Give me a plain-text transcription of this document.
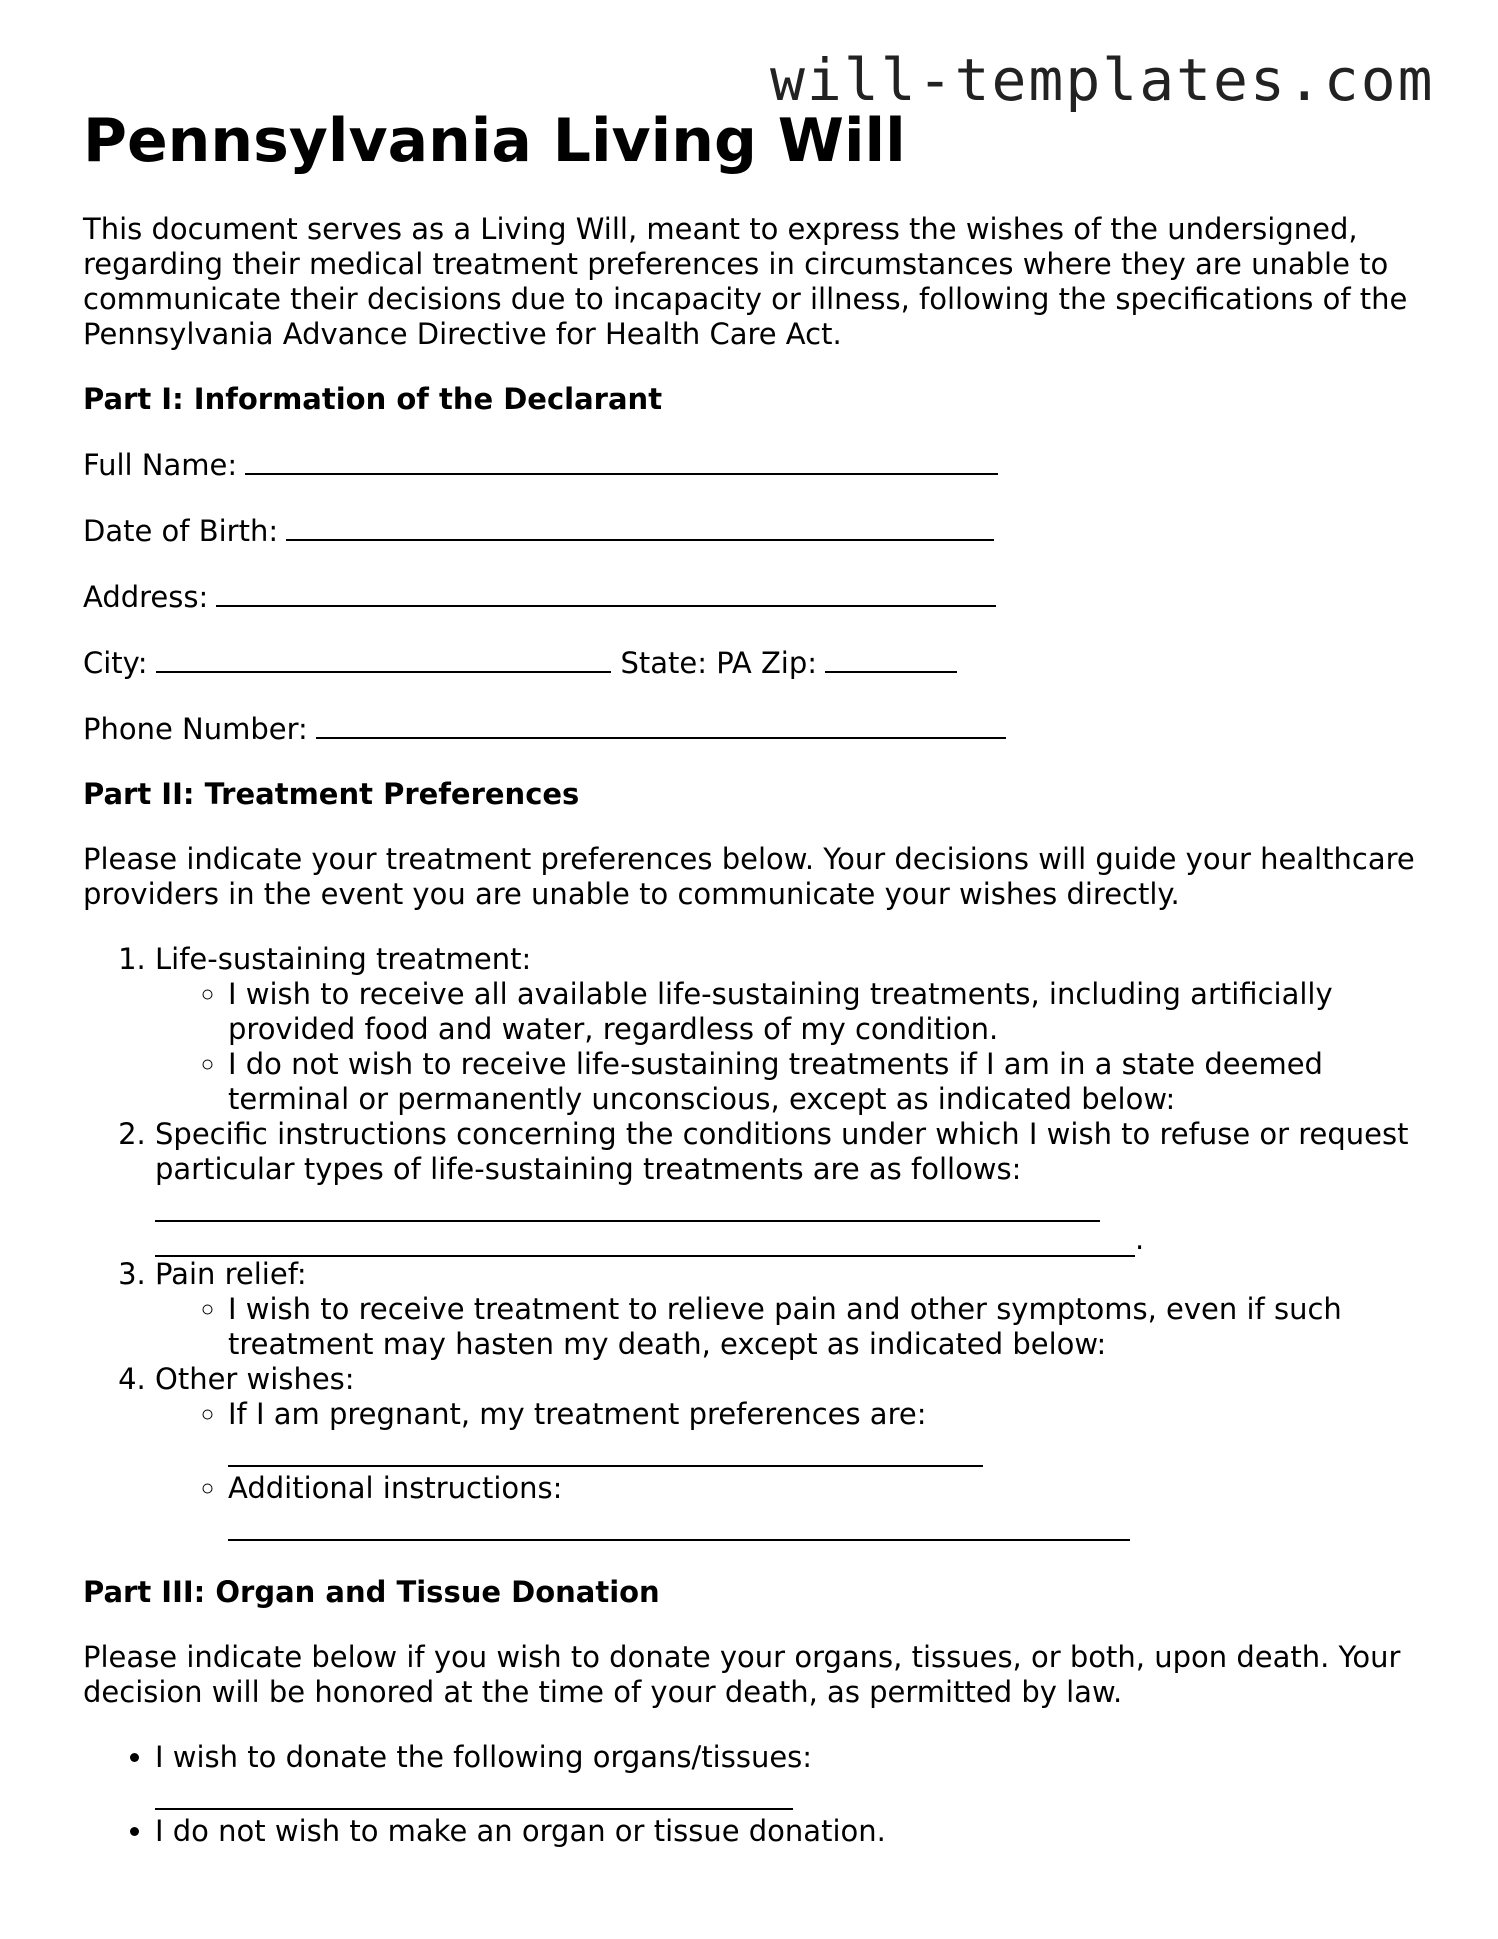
will-templates.com
Pennsylvania Living Will

This document serves as a Living Will, meant to express the wishes of the undersigned, regarding their medical treatment preferences in circumstances where they are unable to communicate their decisions due to incapacity or illness, following the specifications of the Pennsylvania Advance Directive for Health Care Act.

Part I: Information of the Declarant
Full Name:
Date of Birth:
Address:
City:	State: PA Zip:
Phone Number:
Part II: Treatment Preferences

Please indicate your treatment preferences below. Your decisions will guide your healthcare providers in the event you are unable to communicate your wishes directly.

1. Life-sustaining treatment:
◦ I wish to receive all available life-sustaining treatments, including artificially provided food and water, regardless of my condition.
◦ I do not wish to receive life-sustaining treatments if I am in a state deemed terminal or permanently unconscious, except as indicated below:
2. Specific instructions concerning the conditions under which I wish to refuse or request particular types of life-sustaining treatments are as follows:
.
3. Pain relief:
◦ I wish to receive treatment to relieve pain and other symptoms, even if such treatment may hasten my death, except as indicated below:
4. Other wishes:
◦ If I am pregnant, my treatment preferences are:
◦ Additional instructions:
Part III: Organ and Tissue Donation

Please indicate below if you wish to donate your organs, tissues, or both, upon death. Your decision will be honored at the time of your death, as permitted by law.

• I wish to donate the following organs/tissues:
• I do not wish to make an organ or tissue donation.
